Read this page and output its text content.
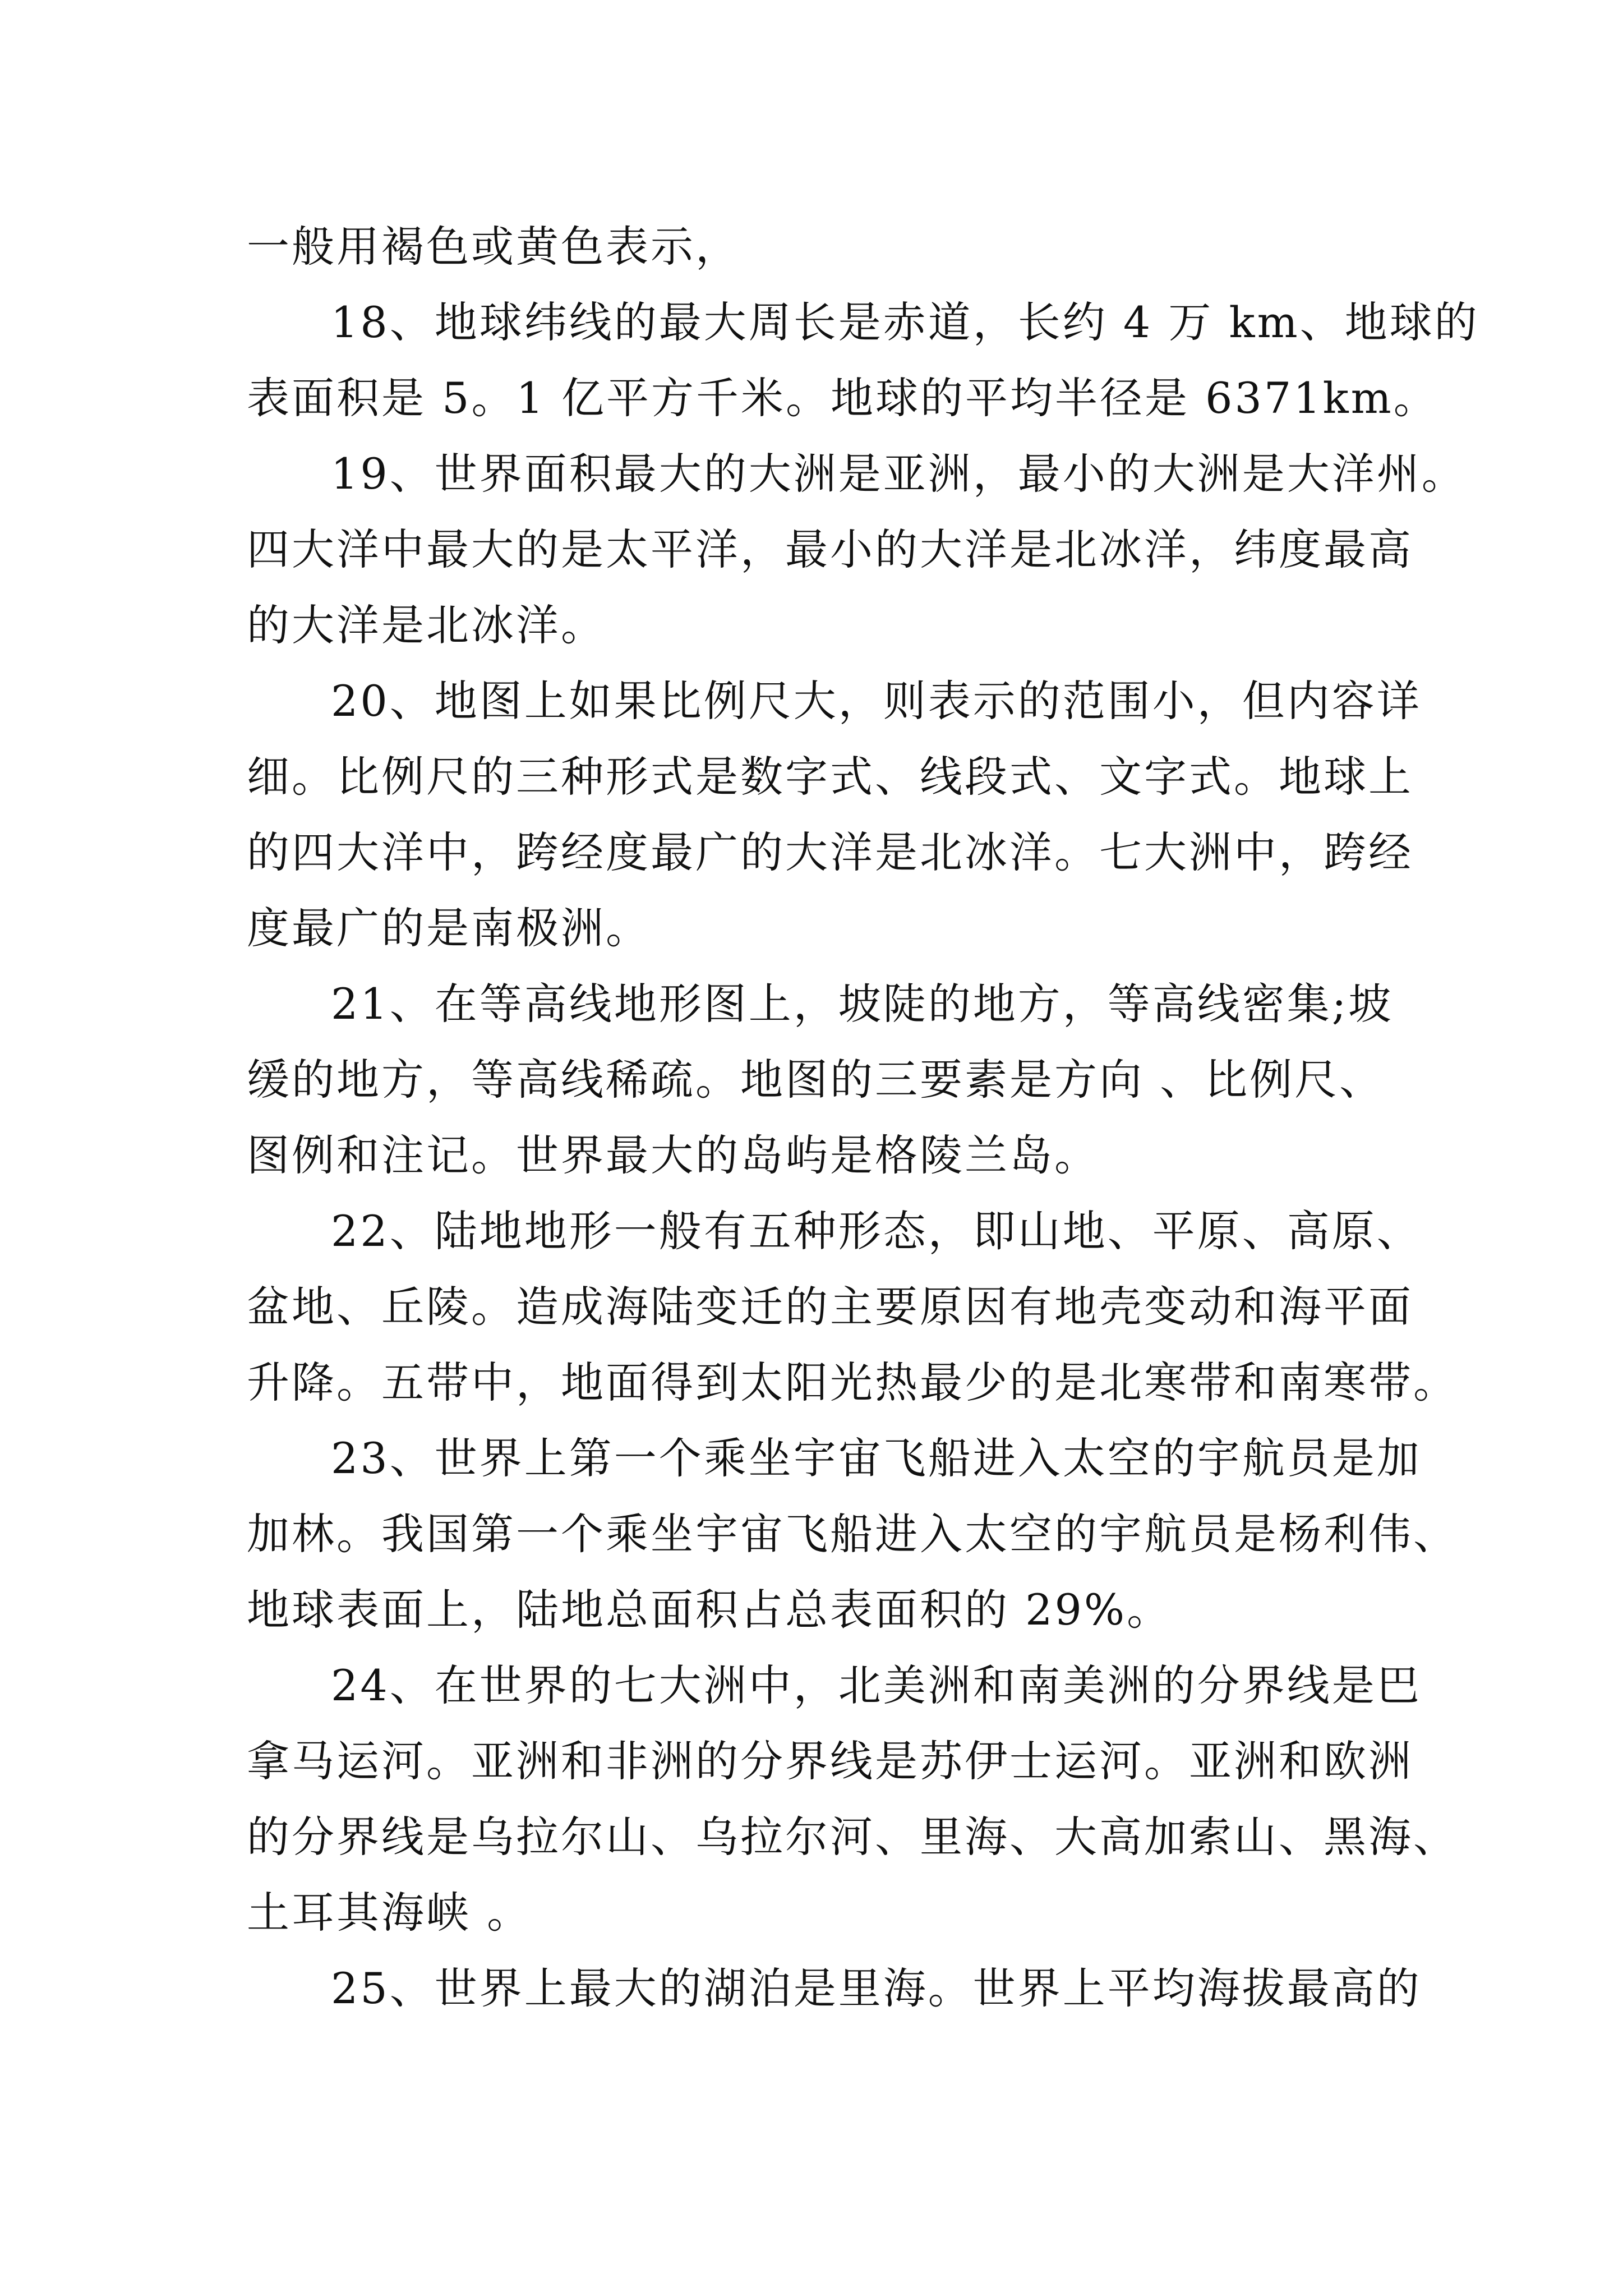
一般用褐色或黄色表示，
18、地球纬线的最大周长是赤道，长约 4 万 km、地球的
表面积是 5。1 亿平方千米。地球的平均半径是 6371km。
19、世界面积最大的大洲是亚洲，最小的大洲是大洋州。
四大洋中最大的是太平洋，最小的大洋是北冰洋，纬度最高
的大洋是北冰洋。
20、地图上如果比例尺大，则表示的范围小，但内容详
细。比例尺的三种形式是数字式、线段式、文字式。地球上
的四大洋中，跨经度最广的大洋是北冰洋。七大洲中，跨经
度最广的是南极洲。
21、在等高线地形图上，坡陡的地方，等高线密集;坡
缓的地方，等高线稀疏。地图的三要素是方向 、比例尺、
图例和注记。世界最大的岛屿是格陵兰岛。
22、陆地地形一般有五种形态，即山地、平原、高原、
盆地、丘陵。造成海陆变迁的主要原因有地壳变动和海平面
升降。五带中，地面得到太阳光热最少的是北寒带和南寒带。
23、世界上第一个乘坐宇宙飞船进入太空的宇航员是加
加林。我国第一个乘坐宇宙飞船进入太空的宇航员是杨利伟、
地球表面上，陆地总面积占总表面积的 29%。
24、在世界的七大洲中，北美洲和南美洲的分界线是巴
拿马运河。亚洲和非洲的分界线是苏伊士运河。亚洲和欧洲
的分界线是乌拉尔山、乌拉尔河、里海、大高加索山、黑海、
土耳其海峡 。
25、世界上最大的湖泊是里海。世界上平均海拔最高的
